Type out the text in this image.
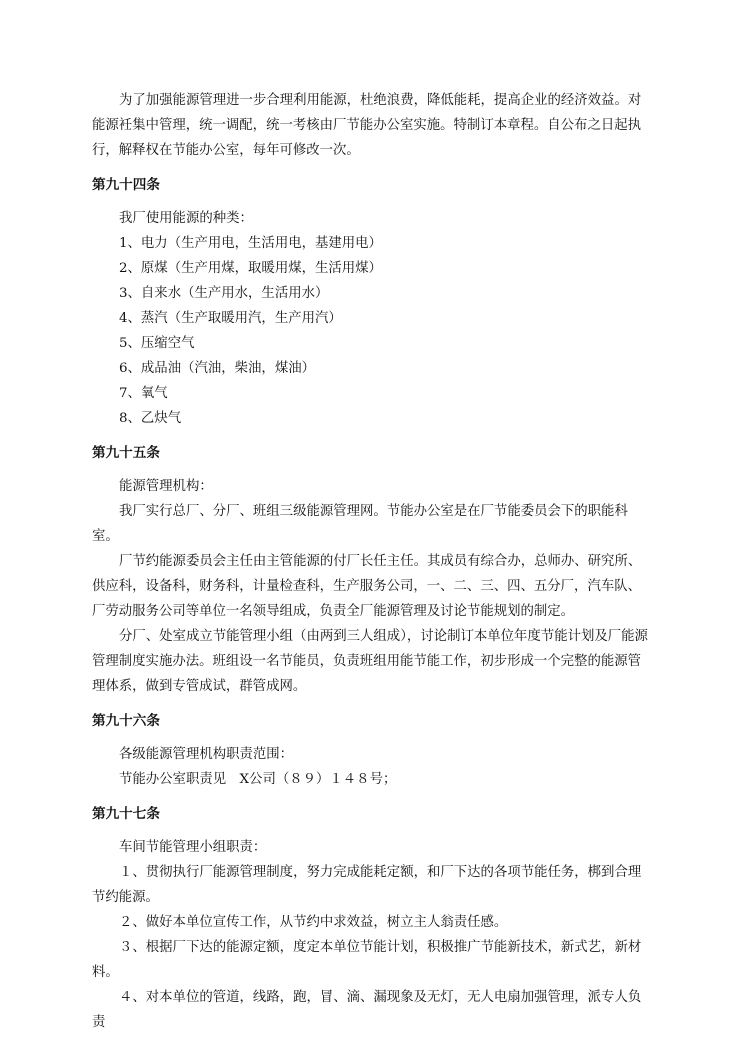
为了加强能源管理进一步合理利用能源，杜绝浪费，降低能耗，提高企业的经济效益。对能源衽集中管理，统一调配，统一考核由厂节能办公室实施。特制订本章程。自公布之日起执行，解释权在节能办公室，每年可修改一次。

第九十四条

我厂使用能源的种类：

1、电力（生产用电，生活用电，基建用电）

2、原煤（生产用煤，取暖用煤，生活用煤）

3、自来水（生产用水，生活用水）

4、蒸汽（生产取暖用汽，生产用汽）

5、压缩空气

6、成品油（汽油，柴油，煤油）

7、氧气

8、乙炔气

第九十五条

能源管理机构：

我厂实行总厂、分厂、班组三级能源管理网。节能办公室是在厂节能委员会下的职能科室。

厂节约能源委员会主任由主管能源的付厂长任主任。其成员有综合办，总师办、研究所、供应科，设备科，财务科，计量检查科，生产服务公司，一、二、三、四、五分厂，汽车队、厂劳动服务公司等单位一名领导组成，负责全厂能源管理及讨论节能规划的制定。

分厂、处室成立节能管理小组（由两到三人组成），讨论制订本单位年度节能计划及厂能源管理制度实施办法。班组设一名节能员，负责班组用能节能工作，初步形成一个完整的能源管理体系，做到专管成试，群管成网。

第九十六条

各级能源管理机构职责范围：

节能办公室职责见　X公司（８９）１４８号；

第九十七条

车间节能管理小组职责：

１、贯彻执行厂能源管理制度，努力完成能耗定额，和厂下达的各项节能任务，梆到合理节约能源。

２、做好本单位宣传工作，从节约中求效益，树立主人翁责任感。

３、根据厂下达的能源定额，度定本单位节能计划，积极推广节能新技术，新式艺，新材料。

４、对本单位的管道，线路，跑，冒、滴、漏现象及无灯，无人电扇加强管理，派专人负责
